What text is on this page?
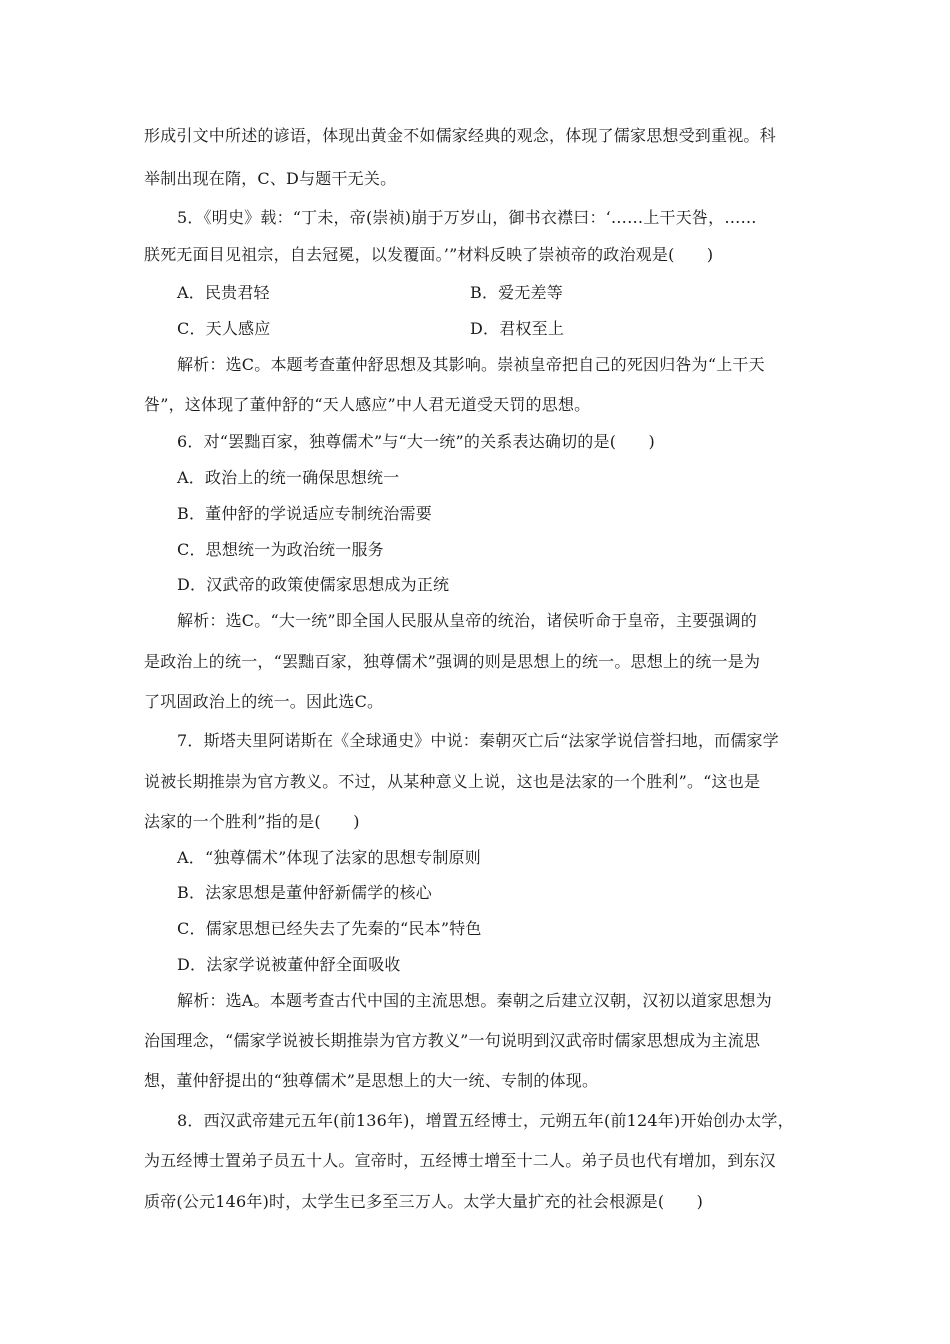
形成引文中所述的谚语，体现出黄金不如儒家经典的观念，体现了儒家思想受到重视。科
举制出现在隋，C、D与题干无关。
5．《明史》载：“丁未，帝(崇祯)崩于万岁山，御书衣襟曰：‘……上干天咎，……
朕死无面目见祖宗，自去冠冕，以发覆面。’”材料反映了崇祯帝的政治观是(　　)
A．民贵君轻	B．爱无差等
C．天人感应	D．君权至上
解析：选C。本题考查董仲舒思想及其影响。崇祯皇帝把自己的死因归咎为“上干天
咎”，这体现了董仲舒的“天人感应”中人君无道受天罚的思想。
6．对“罢黜百家，独尊儒术”与“大一统”的关系表达确切的是(　　)
A．政治上的统一确保思想统一
B．董仲舒的学说适应专制统治需要
C．思想统一为政治统一服务
D．汉武帝的政策使儒家思想成为正统
解析：选C。“大一统”即全国人民服从皇帝的统治，诸侯听命于皇帝，主要强调的
是政治上的统一，“罢黜百家，独尊儒术”强调的则是思想上的统一。思想上的统一是为
了巩固政治上的统一。因此选C。
7．斯塔夫里阿诺斯在《全球通史》中说：秦朝灭亡后“法家学说信誉扫地，而儒家学
说被长期推崇为官方教义。不过，从某种意义上说，这也是法家的一个胜利”。“这也是
法家的一个胜利”指的是(　　)
A．“独尊儒术”体现了法家的思想专制原则
B．法家思想是董仲舒新儒学的核心
C．儒家思想已经失去了先秦的“民本”特色
D．法家学说被董仲舒全面吸收
解析：选A。本题考查古代中国的主流思想。秦朝之后建立汉朝，汉初以道家思想为
治国理念，“儒家学说被长期推崇为官方教义”一句说明到汉武帝时儒家思想成为主流思
想，董仲舒提出的“独尊儒术”是思想上的大一统、专制的体现。
8．西汉武帝建元五年(前136年)，增置五经博士，元朔五年(前124年)开始创办太学，
为五经博士置弟子员五十人。宣帝时，五经博士增至十二人。弟子员也代有增加，到东汉
质帝(公元146年)时，太学生已多至三万人。太学大量扩充的社会根源是(　　)
